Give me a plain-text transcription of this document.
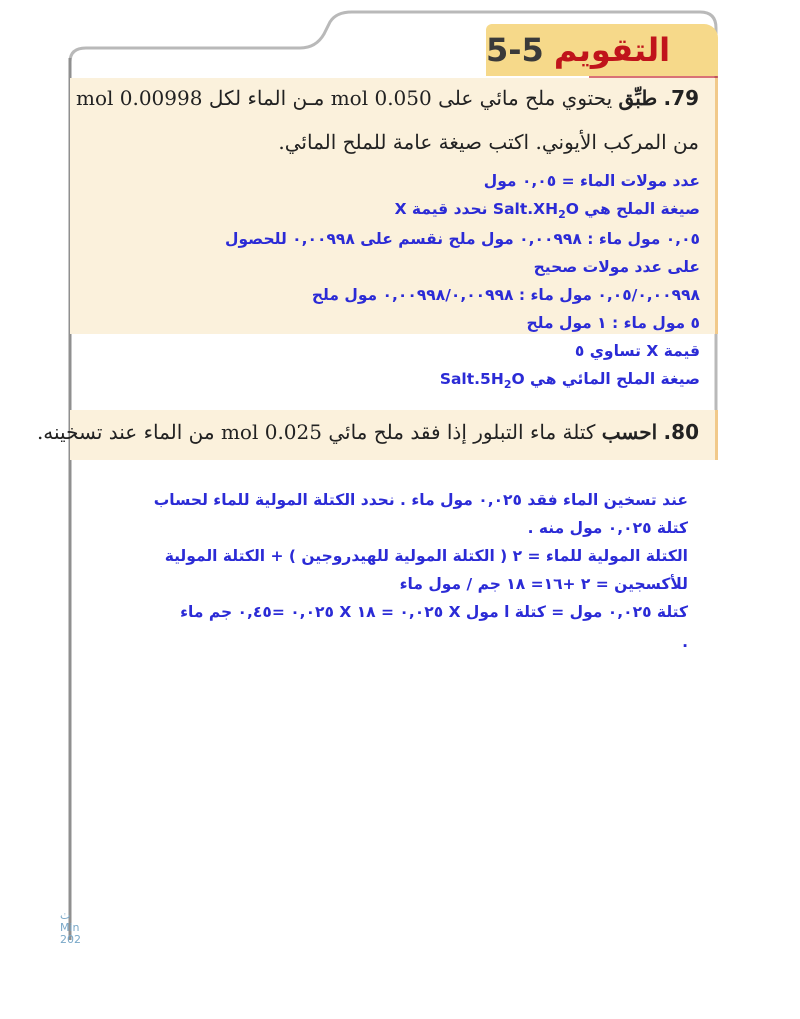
التقويم
5-5
79. طبِّق يحتوي ملح مائي على 0.050 mol مـن الماء لكل 0.00998 mol
من المركب الأيوني. اكتب صيغة عامة للملح المائي.
عدد مولات الماء = ٠,٠٥ مول
صيغة الملح هي $Salt.XH_2O$ نحدد قيمة X
٠,٠٥ مول ماء : ٠,٠٠٩٩٨ مول ملح نقسم على ٠,٠٠٩٩٨ للحصول
على عدد مولات صحيح
٠,٠٥/٠,٠٠٩٩٨ مول ماء : ٠,٠٠٩٩٨/٠,٠٠٩٩٨ مول ملح
٥ مول ماء : ١ مول ملح
قيمة X تساوي ٥
صيغة الملح المائي هي $Salt.5H_2O$
80. احسب كتلة ماء التبلور إذا فقد ملح مائي 0.025 mol من الماء عند تسخينه.
عند تسخين الماء فقد ٠,٠٢٥ مول ماء . نحدد الكتلة المولية للماء لحساب
كتلة ٠,٠٢٥ مول منه .
الكتلة المولية للماء = ٢ ( الكتلة المولية للهيدروجين ) + الكتلة المولية
للأكسجين = ٢ +١٦= ١٨ جم / مول ماء
كتلة ٠,٠٢٥ مول = كتلة ا مول X ٠,٠٢٥ = ١٨ X ٠,٠٢٥ =٠,٤٥ جم ماء
.
ﭞ
Min
202
